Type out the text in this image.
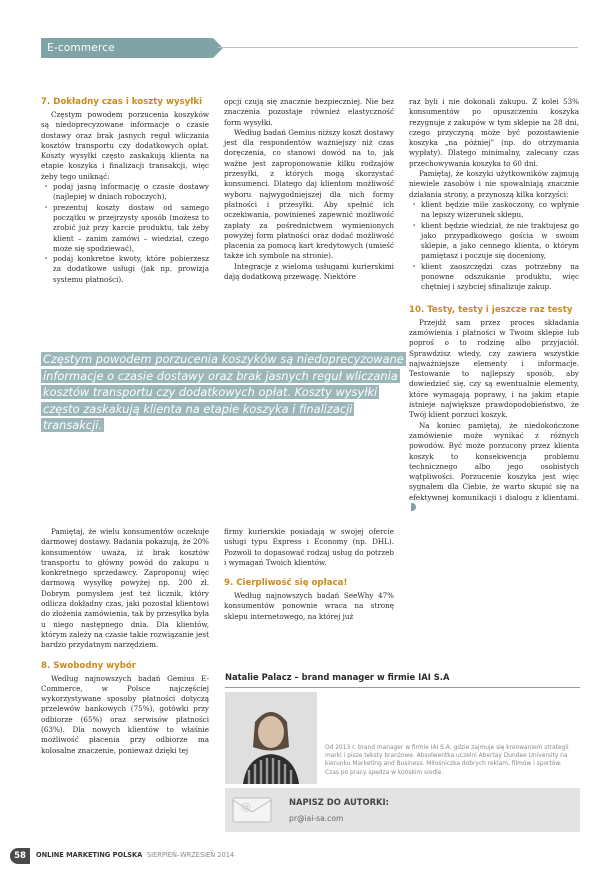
E-commerce
7. Dokładny czas i koszty wysyłki

Częstym powodem porzucenia koszyków są niedoprecyzowane informacje o czasie dostawy oraz brak jasnych reguł wliczania kosztów transportu czy dodatkowych opłat. Koszty wysyłki często zaskakują klienta na etapie koszyka i finalizacji transakcji, więc żeby tego uniknąć:

• podaj jasną informację o czasie dostawy (najlepiej w dniach roboczych),
• prezentuj koszty dostaw od samego początku w przejrzysty sposób (możesz to zrobić już przy karcie produktu, tak żeby klient – zanim zamówi – wiedział, czego może się spodziewać),
• podaj konkretne kwoty, które pobierzesz za dodatkowe usługi (jak np. prowizja systemu płatności).

opcji czują się znacznie bezpieczniej. Nie bez znaczenia pozostaje również elastyczność form wysyłki.

Według badań Gemius niższy koszt dostawy jest dla respondentów ważniejszy niż czas doręczenia, co stanowi dowód na to, jak ważne jest zaproponowanie kilku rodzajów przesyłki, z których mogą skorzystać konsumenci. Dlatego daj klientom możliwość wyboru najwygodniejszej dla nich formy płatności i przesyłki. Aby spełnić ich oczekiwania, powinieneś zapewnić możliwość zapłaty za pośrednictwem wymienionych powyżej form płatności oraz dodać możliwość płacenia za pomocą kart kredytowych (umieść także ich symbole na stronie).

Integracje z wieloma usługami kurierskimi dają dodatkową przewagę. Niektóre

raz byli i nie dokonali zakupu. Z kolei 53% konsumentów po opuszczeniu koszyka rezygnuje z zakupów w tym sklepie na 28 dni, czego przyczyną może być pozostawienie koszyka „na później” (np. do otrzymania wypłaty). Dlatego minimalny, zalecany czas przechowywania koszyka to 60 dni.

Pamiętaj, że koszyki użytkowników zajmują niewiele zasobów i nie spowalniają znacznie działania strony, a przynoszą kilka korzyści:

• klient będzie mile zaskoczony, co wpłynie na lepszy wizerunek sklepu,
• klient będzie wiedział, że nie traktujesz go jako przypadkowego gościa w swoim sklepie, a jako cennego klienta, o którym pamiętasz i poczuje się doceniony,
• klient zaoszczędzi czas potrzebny na ponowne odszukanie produktu, więc chętniej i szybciej sfinalizuje zakup.
10. Testy, testy i jeszcze raz testy

Przejdź sam przez proces składania zamówienia i płatności w Twoim sklepie lub poproś o to rodzinę albo przyjaciół. Sprawdzisz wtedy, czy zawiera wszystkie najważniejsze elementy i informacje. Testowanie to najlepszy sposób, aby dowiedzieć się, czy są ewentualnie elementy, które wymagają poprawy, i na jakim etapie istnieje największe prawdopodobieństwo, że Twój klient porzuci koszyk.

Na koniec pamiętaj, że niedokończone zamówienie może wynikać z różnych powodów. Być może porzucony przez klienta koszyk to konsekwencja problemu technicznego albo jego osobistych wątpliwości. Porzucenie koszyka jest więc sygnałem dla Ciebie, że warto skupić się na efektywnej komunikacji i dialogu z klientami.

Częstym powodem porzucenia koszyków są niedoprecyzowane informacje o czasie dostawy oraz brak jasnych reguł wliczania kosztów transportu czy dodatkowych opłat. Koszty wysyłki często zaskakują klienta na etapie koszyka i finalizacji transakcji.

Pamiętaj, że wielu konsumentów oczekuje darmowej dostawy. Badania pokazują, że 20% konsumentów uważa, iż brak kosztów transportu to główny powód do zakupu u konkretnego sprzedawcy. Zaproponuj więc darmową wysyłkę powyżej np. 200 zł. Dobrym pomysłem jest też licznik, który odlicza dokładny czas, jaki pozostał klientowi do złożenia zamówienia, tak by przesyłka była u niego następnego dnia. Dla klientów, którym zależy na czasie takie rozwiązanie jest bardzo przydatnym narzędziem.

8. Swobodny wybór

Według najnowszych badań Gemius E-Commerce, w Polsce najczęściej wykorzystywane sposoby płatności dotyczą przelewów bankowych (75%), gotówki przy odbiorze (65%) oraz serwisów płatności (63%). Dla nowych klientów to właśnie możliwość płacenia przy odbiorze ma kolosalne znaczenie, ponieważ dzięki tej

firmy kurierskie posiadają w swojej ofercie usługi typu Express i Economy (np. DHL). Pozwoli to dopasować rodzaj usług do potrzeb i wymagań Twoich klientów.

9. Cierpliwość się opłaca!

Według najnowszych badań SeeWhy 47% konsumentów ponownie wraca na stronę sklepu internetowego, na której już

Natalie Palacz – brand manager w firmie IAI S.A
Od 2013 r. brand manager w firmie IAI S.A. gdzie zajmuje się kreowaniem strategii marki i pisze teksty branżowe. Absolwentka uczelni Abertay Dundee University na kierunku Marketing and Business. Miłośniczka dobrych reklam, filmów i sportów. Czas po pracy spędza w końskim siodle.
@	NAPISZ DO AUTORKI:
pr@iai-sa.com
58	ONLINE MARKETING POLSKA SIERPIEŃ–WRZESIEŃ 2014
